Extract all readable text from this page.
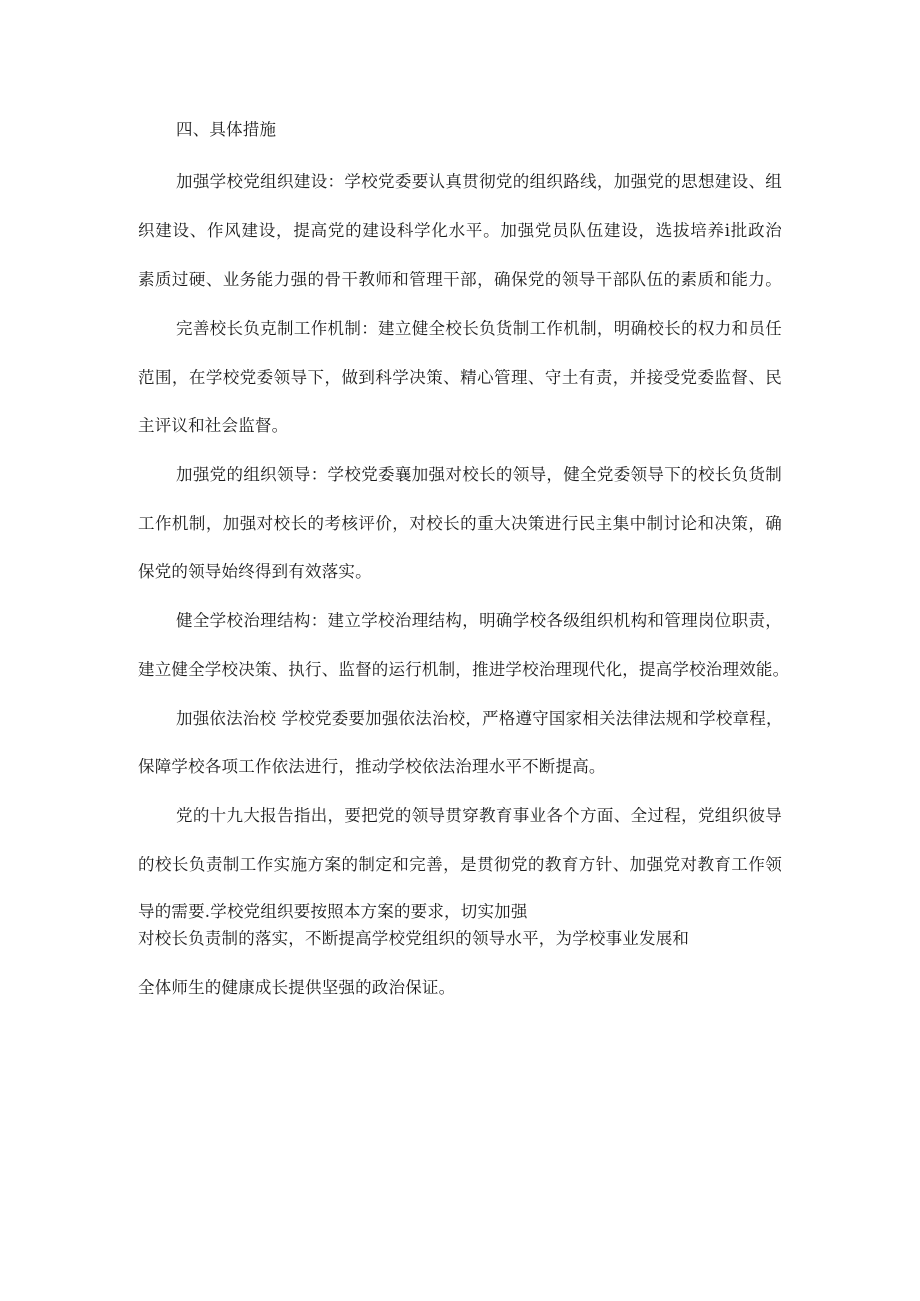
四、具体措施
加强学校党组织建设：学校党委要认真贯彻党的组织路线，加强党的思想建设、组
织建设、作风建设，提高党的建设科学化水平。加强党员队伍建设，选拔培养i批政治
素质过硬、业务能力强的骨干教师和管理干部，确保党的领导干部队伍的素质和能力。
完善校长负克制工作机制：建立健全校长负货制工作机制，明确校长的权力和员任
范围，在学校党委领导下，做到科学决策、精心管理、守土有责，并接受党委监督、民
主评议和社会监督。
加强党的组织领导：学校党委襄加强对校长的领导，健全党委领导下的校长负货制
工作机制，加强对校长的考核评价，对校长的重大决策进行民主集中制讨论和决策，确
保党的领导始终得到有效落实。
健全学校治理结构：建立学校治理结构，明确学校各级组织机构和管理岗位职责，
建立健全学校决策、执行、监督的运行机制，推进学校治理现代化，提高学校治理效能。
加强依法治校 学校党委要加强依法治校，严格遵守国家相关法律法规和学校章程，
保障学校各项工作依法进行，推动学校依法治理水平不断提高。
党的十九大报告指出，要把党的领导贯穿教育事业各个方面、全过程，党组织彼导
的校长负责制工作实施方案的制定和完善，是贯彻党的教育方针、加强党对教育工作领
导的需要.学校党组织要按照本方案的要求，切实加强
对校长负责制的落实，不断提高学校党组织的领导水平，为学校事业发展和
全体师生的健康成长提供坚强的政治保证。
